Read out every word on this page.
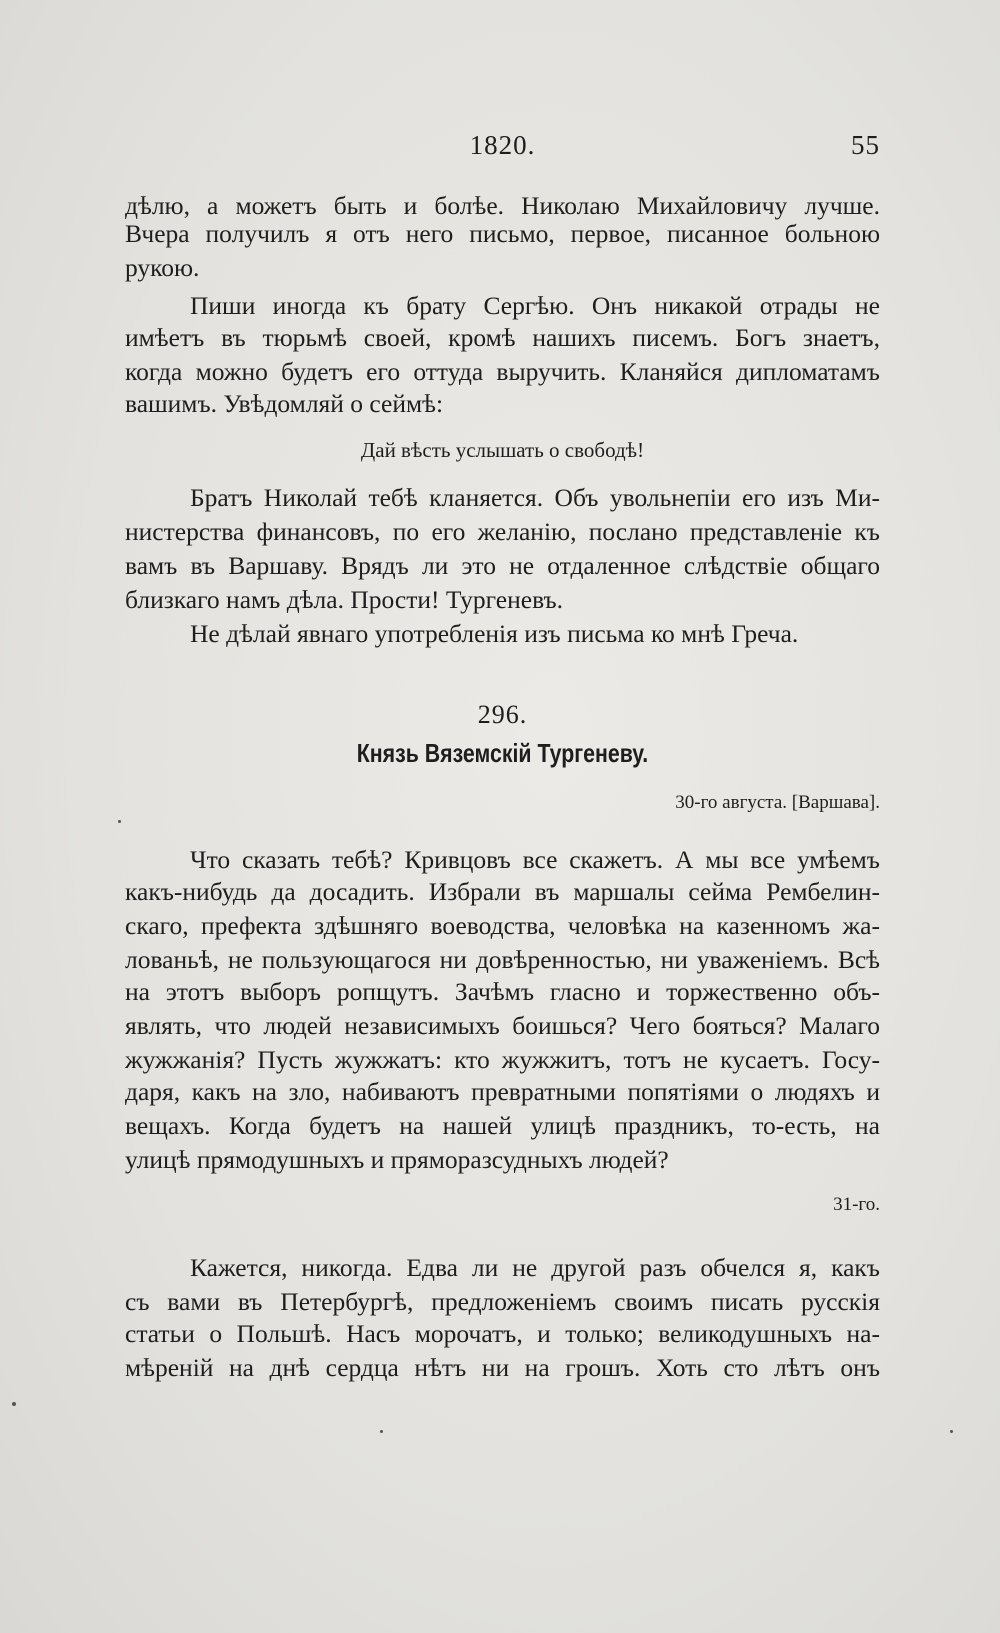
1820.	55
дѣлю, а можетъ быть и болѣе. Николаю Михайловичу лучше.
Вчера получилъ я отъ него письмо, первое, писанное больною
рукою.
Пиши иногда къ брату Сергѣю. Онъ никакой отрады не
имѣетъ въ тюрьмѣ своей, кромѣ нашихъ писемъ. Богъ знаетъ,
когда можно будетъ его оттуда выручить. Кланяйся дипломатамъ
вашимъ. Увѣдомляй о сеймѣ:
Дай вѣсть услышать о свободѣ!
Братъ Николай тебѣ кланяется. Объ увольнепіи его изъ Ми-
нистерства финансовъ, по его желанію, послано представленіе къ
вамъ въ Варшаву. Врядъ ли это не отдаленное слѣдствіе общаго
близкаго намъ дѣла. Прости! Тургеневъ.
Не дѣлай явнаго употребленія изъ письма ко мнѣ Греча.
296.
Князь Вяземскій Тургеневу.
30-го августа. [Варшава].
Что сказать тебѣ? Кривцовъ все скажетъ. А мы все умѣемъ
какъ-нибудь да досадить. Избрали въ маршалы сейма Рембелин-
скаго, префекта здѣшняго воеводства, человѣка на казенномъ жа-
лованьѣ, не пользующагося ни довѣренностью, ни уваженіемъ. Всѣ
на этотъ выборъ ропщутъ. Зачѣмъ гласно и торжественно объ-
являть, что людей независимыхъ боишься? Чего бояться? Малаго
жужжанія? Пусть жужжатъ: кто жужжитъ, тотъ не кусаетъ. Госу-
даря, какъ на зло, набиваютъ превратными попятіями о людяхъ и
вещахъ. Когда будетъ на нашей улицѣ праздникъ, то-есть, на
улицѣ прямодушныхъ и пряморазсудныхъ людей?
31-го.
Кажется, никогда. Едва ли не другой разъ обчелся я, какъ
съ вами въ Петербургѣ, предложеніемъ своимъ писать русскія
статьи о Польшѣ. Насъ морочатъ, и только; великодушныхъ на-
мѣреній на днѣ сердца нѣтъ ни на грошъ. Хоть сто лѣтъ онъ
